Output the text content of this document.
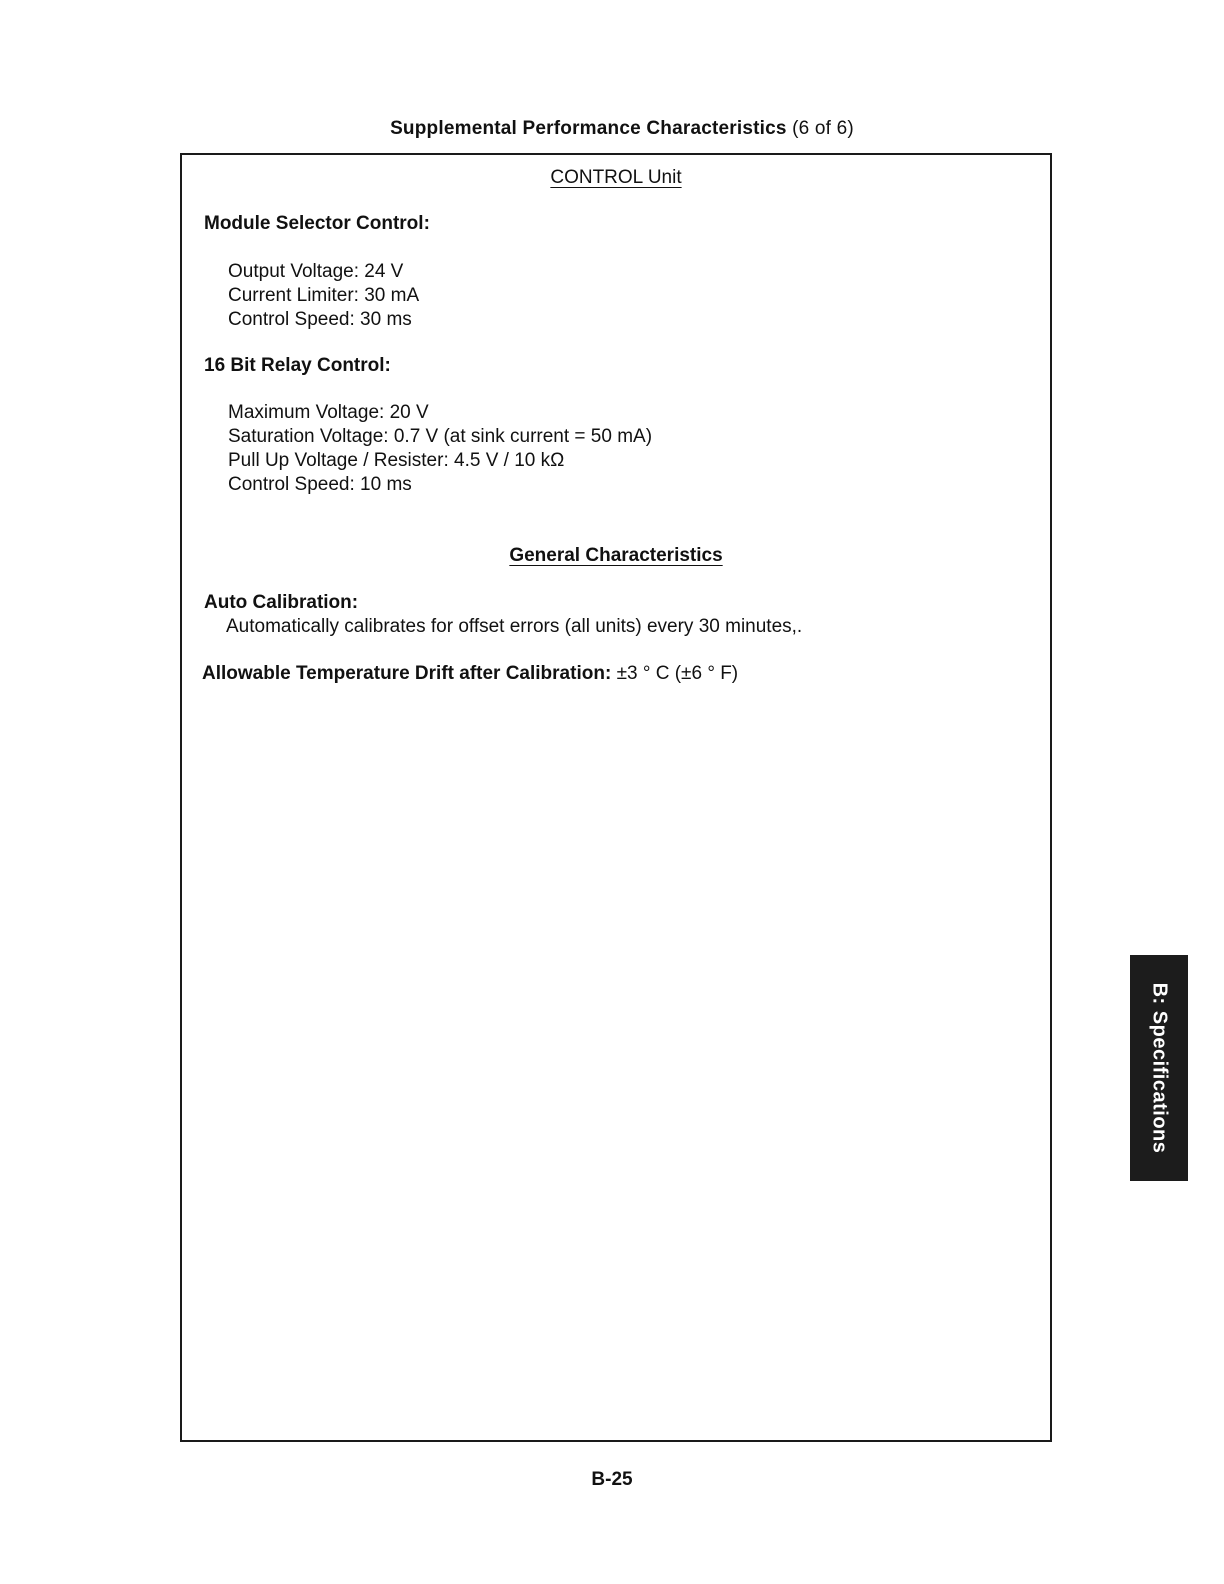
Supplemental Performance Characteristics (6 of 6)
CONTROL Unit
Module Selector Control:
Output Voltage: 24 V
Current Limiter: 30 mA
Control Speed: 30 ms
16 Bit Relay Control:
Maximum Voltage: 20 V
Saturation Voltage: 0.7 V (at sink current = 50 mA)
Pull Up Voltage / Resister: 4.5 V / 10 kΩ
Control Speed: 10 ms
General Characteristics
Auto Calibration:
Automatically calibrates for offset errors (all units) every 30 minutes,.
Allowable Temperature Drift after Calibration: ±3 ° C (±6 ° F)
B: Specifications
B-25
